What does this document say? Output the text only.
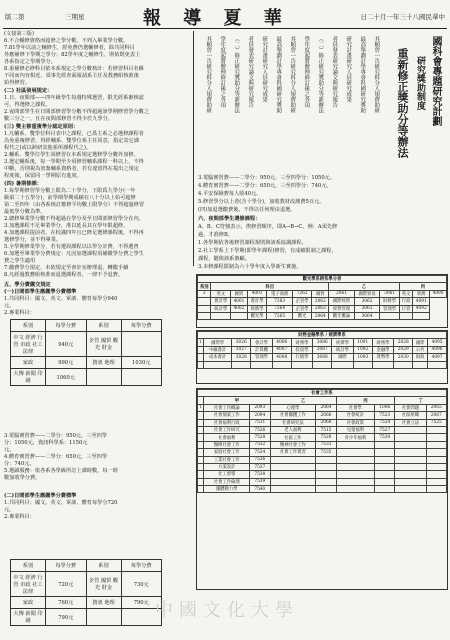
版二第	三期星	報 導 夏 華	日二十月一年三十八國民華中
(文接第三版)
6.不合輔修資格而超修之學分數，不列入畢業學分數。
7.81學年以前之輔修生，經免費仍選輔修者，除共同科目
外應補修下學期之學分；82學年度之輔修生，則依既免表上
各系指定之學期學分。
8.重補修必修科目依本系規定之學分數核計：若修習科目名稱
不同而內容相近，須事先經查面報請系主任及教務組核准後
始得修習。
(二) 社區發展規定：
1.日、夜間部——四年級學生每週特殊選習，限先經系審核認
可，得選修之課程。
2.夜間部學生在日間部修習學分數不得超過該學期修習學分數之
數三分之一，且在夜間部修習不得少於九學分。
(三) 雙主修重複學分認定原則：
1.凡輔系、雙學位科目表中之課程，已爲主系之必選修課程者
為免重複修習，得經輔系、雙學位系主任同意，指定其它課
程代之(或以跨研其他系所課程代之)。
2.輔系、雙學位學生須修習在本系規定選修學分數外加修。
3.選定輔系後，每一學期至少須修習輔系課程一科以上，不得
中斷，否則視為放棄輔系資格者，若有違當得在提出之規定
程度後，保留同一學期原有進度。
(四) 暑期修課：
1.每學期修習學分數上限為二十學分，下限爲九學分(一年
級第二十五學分)，前學期學期成績在八十分以上始可超修
第二至四年（由各系核訂應修平均數上限學分）不得超過修習
最低學分數為準。
2.總修畢業學分數不得超過在學分及至日間部修習學分在內。
3.加選課程不足畢業學分，准以延長其在學年限超修。
4.加選課程提前者，在校滿四年且已修足選修課程後，不得再
選修學分，並不得畢業。
5.全學期修業學分，若有遷誤課程以以學分計費，不得選曾
6.加選至畢業學分費規定：凡因加選課程須補繳學分費之學生
費之學生適用
7.繳費學分規定，未依規定至會計室辦理退、轉繳手續
8.凡經過教務組核准而退選課程者，一律不予退費。
五、學分費繳交規定
(一)日間部學生應繳學分費標準
1.共同科目：國文、英文、軍訓、體育每學分940
元。
2.專業科目：
系別	每學分費	系別	每學分費
中文 經濟 行管 市政 社工 法律	940元	企管 國貿 觀光 財金	
家政	990元	資訊 地理	1030元
大傳 新聞 印刷	1060元		
3.電腦實習費——二學分：950元，三至四學
分：1050元，資訊科學系：1150元
元。
4.體育實習費——二學分：650元，三至四學
分：740元。
5.選讀服務：依各系各學級所訂上課時數，每一時
數加收學分費。
(二)日間部學生應繳學分費標準
1.共同科目：國文、英文、軍訓、體育每學分720
元。
2.專業科目：
系別	每學分費	系別	每學分費
中文 經濟 行管 市政 社工 法律	720元	企管 國貿 觀光 財金	730元
家政	760元	資訊 地理	790元
大傳 新聞 印刷	790元		
國科會專題研究計劃
研究獎助制度
重新修正獎助分等辦法
其順曾一告研究科分人規費助研
最高舉劃計學專會科國研究獎助
研究計畫研究人員研究成果
者員發表研究論文與研究報告
（二）修正研究獎助分等新辦法
學年度起將辦理修訂後之各項
其順曾一告研究科分人規費助研
最高舉劃計學專會科國研究獎助
研究計畫研究人員研究成果
者員發表研究論文與研究報告
（二）修正研究獎助分等新辦法
學年度起將辦理修訂後之各項
其順曾一告研究科分人規費助研
3.電腦實習費——二學分：950元，三至四學分：1050元。
4.體育實習費——二學分：650元，三至四學分：740元。
4.平安保險費每人收40元。
5.修習學分以上者(含十學分)，加收教材改測費5百元。
(四)加退選繳費後，不得以任何理由退選。
六、夜間部學生選修課程：
A、B、C符號表示，俟修習順序，即A→B→C，例：A須先修
過，才准修B。
1.各學期依各後修習課程規則與該系協調課程。
2.社工學系上下學期(即學年課程)修習，有成績限制之課程，
課程，隨與該系審顧。
3.本修課程限制為六十學年度入學新生實施。
觀光學系跨系學分表												
系別	科目						乙			丙		
3	英文	國貿	4001	電子商務	7262	國貿	2061	國際貿易	3061	英文	經濟	4090
	會計學	4001	會計學	7263	企管學	2062	國際經貿	3062	財務學	行政	4091	
	統計學	4002	經濟學	7264	企管學	2063	經營管理	3063	管理學	行管	4092	
			觀光學	7265	觀光	2064	觀光概論	3064				
財務金融學系 / 經濟學系												
1	國際學	3026	會計學	4006	財務學	3086	經濟學	1091	財務學	2028	國際	4095
	中級會計	3027	計算機	4007	投資學	3087	統計學	1092	金融學	2029	公共	4096
	成本會計	3028	管理學	4008	行銷學	3088	國際	1093	貨幣學	2030	財政	4097

社會工作系								
	甲		乙		丙		丁	
1	社會工作概論	2093	心理學	2064	社會學	1086	社會問題	2065
	社會個案工作	2094	社會團體工作	2066	社會統計	7523	社區組織	2067
	社會福利行政	7531	社會研究法	2068	社會政策	7524	社會立法	7525
	社會工作研究	7526	老人福利	7515	兒童福利	7527		
	社會福利	7528	社區工作	7529	青少年福利	7530		
	醫療社會工作	7532	精神社會工作	7533				
	家庭社會工作	7534	社會工作實習	7535				
	工業社會工作	7536						
	方案設計	7537						
	社工督導	7538						
	社會工作倫理	7539						
	團體動力學	7540						
中國文化大學
